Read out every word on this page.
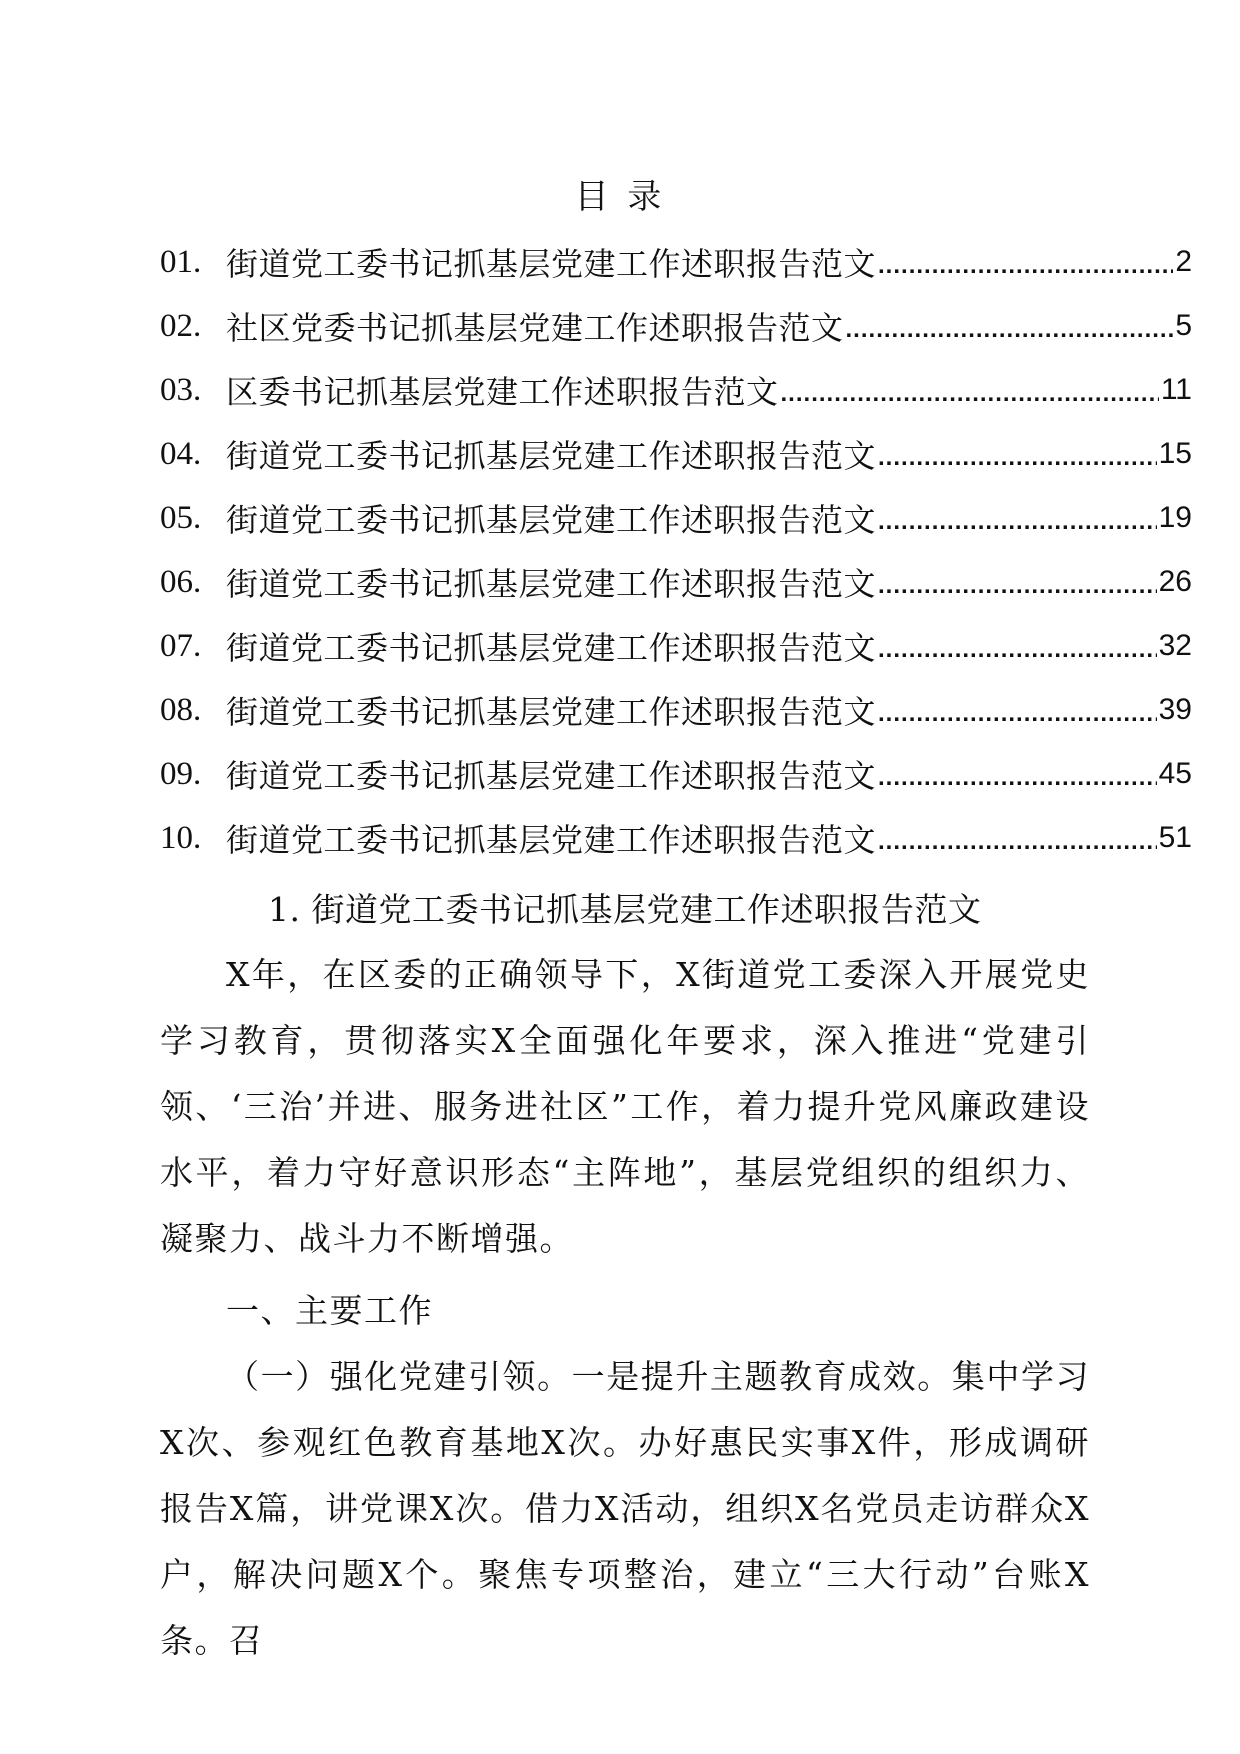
目 录
01. 街道党工委书记抓基层党建工作述职报告范文 .....	2
02. 社区党委书记抓基层党建工作述职报告范文 .....	5
03. 区委书记抓基层党建工作述职报告范文 .....	11
04. 街道党工委书记抓基层党建工作述职报告范文 .....	15
05. 街道党工委书记抓基层党建工作述职报告范文 .....	19
06. 街道党工委书记抓基层党建工作述职报告范文 .....	26
07. 街道党工委书记抓基层党建工作述职报告范文 .....	32
08. 街道党工委书记抓基层党建工作述职报告范文 .....	39
09. 街道党工委书记抓基层党建工作述职报告范文 .....	45
10. 街道党工委书记抓基层党建工作述职报告范文 .....	51
1. 街道党工委书记抓基层党建工作述职报告范文

X年，在区委的正确领导下，X街道党工委深入开展党史学习教育，贯彻落实X全面强化年要求，深入推进“党建引领、‘三治’并进、服务进社区”工作，着力提升党风廉政建设水平，着力守好意识形态“主阵地”，基层党组织的组织力、凝聚力、战斗力不断增强。

一、主要工作

（一）强化党建引领。一是提升主题教育成效。集中学习X次、参观红色教育基地X次。办好惠民实事X件，形成调研报告X篇，讲党课X次。借力X活动，组织X名党员走访群众X户，解决问题X个。聚焦专项整治，建立“三大行动”台账X条。召
